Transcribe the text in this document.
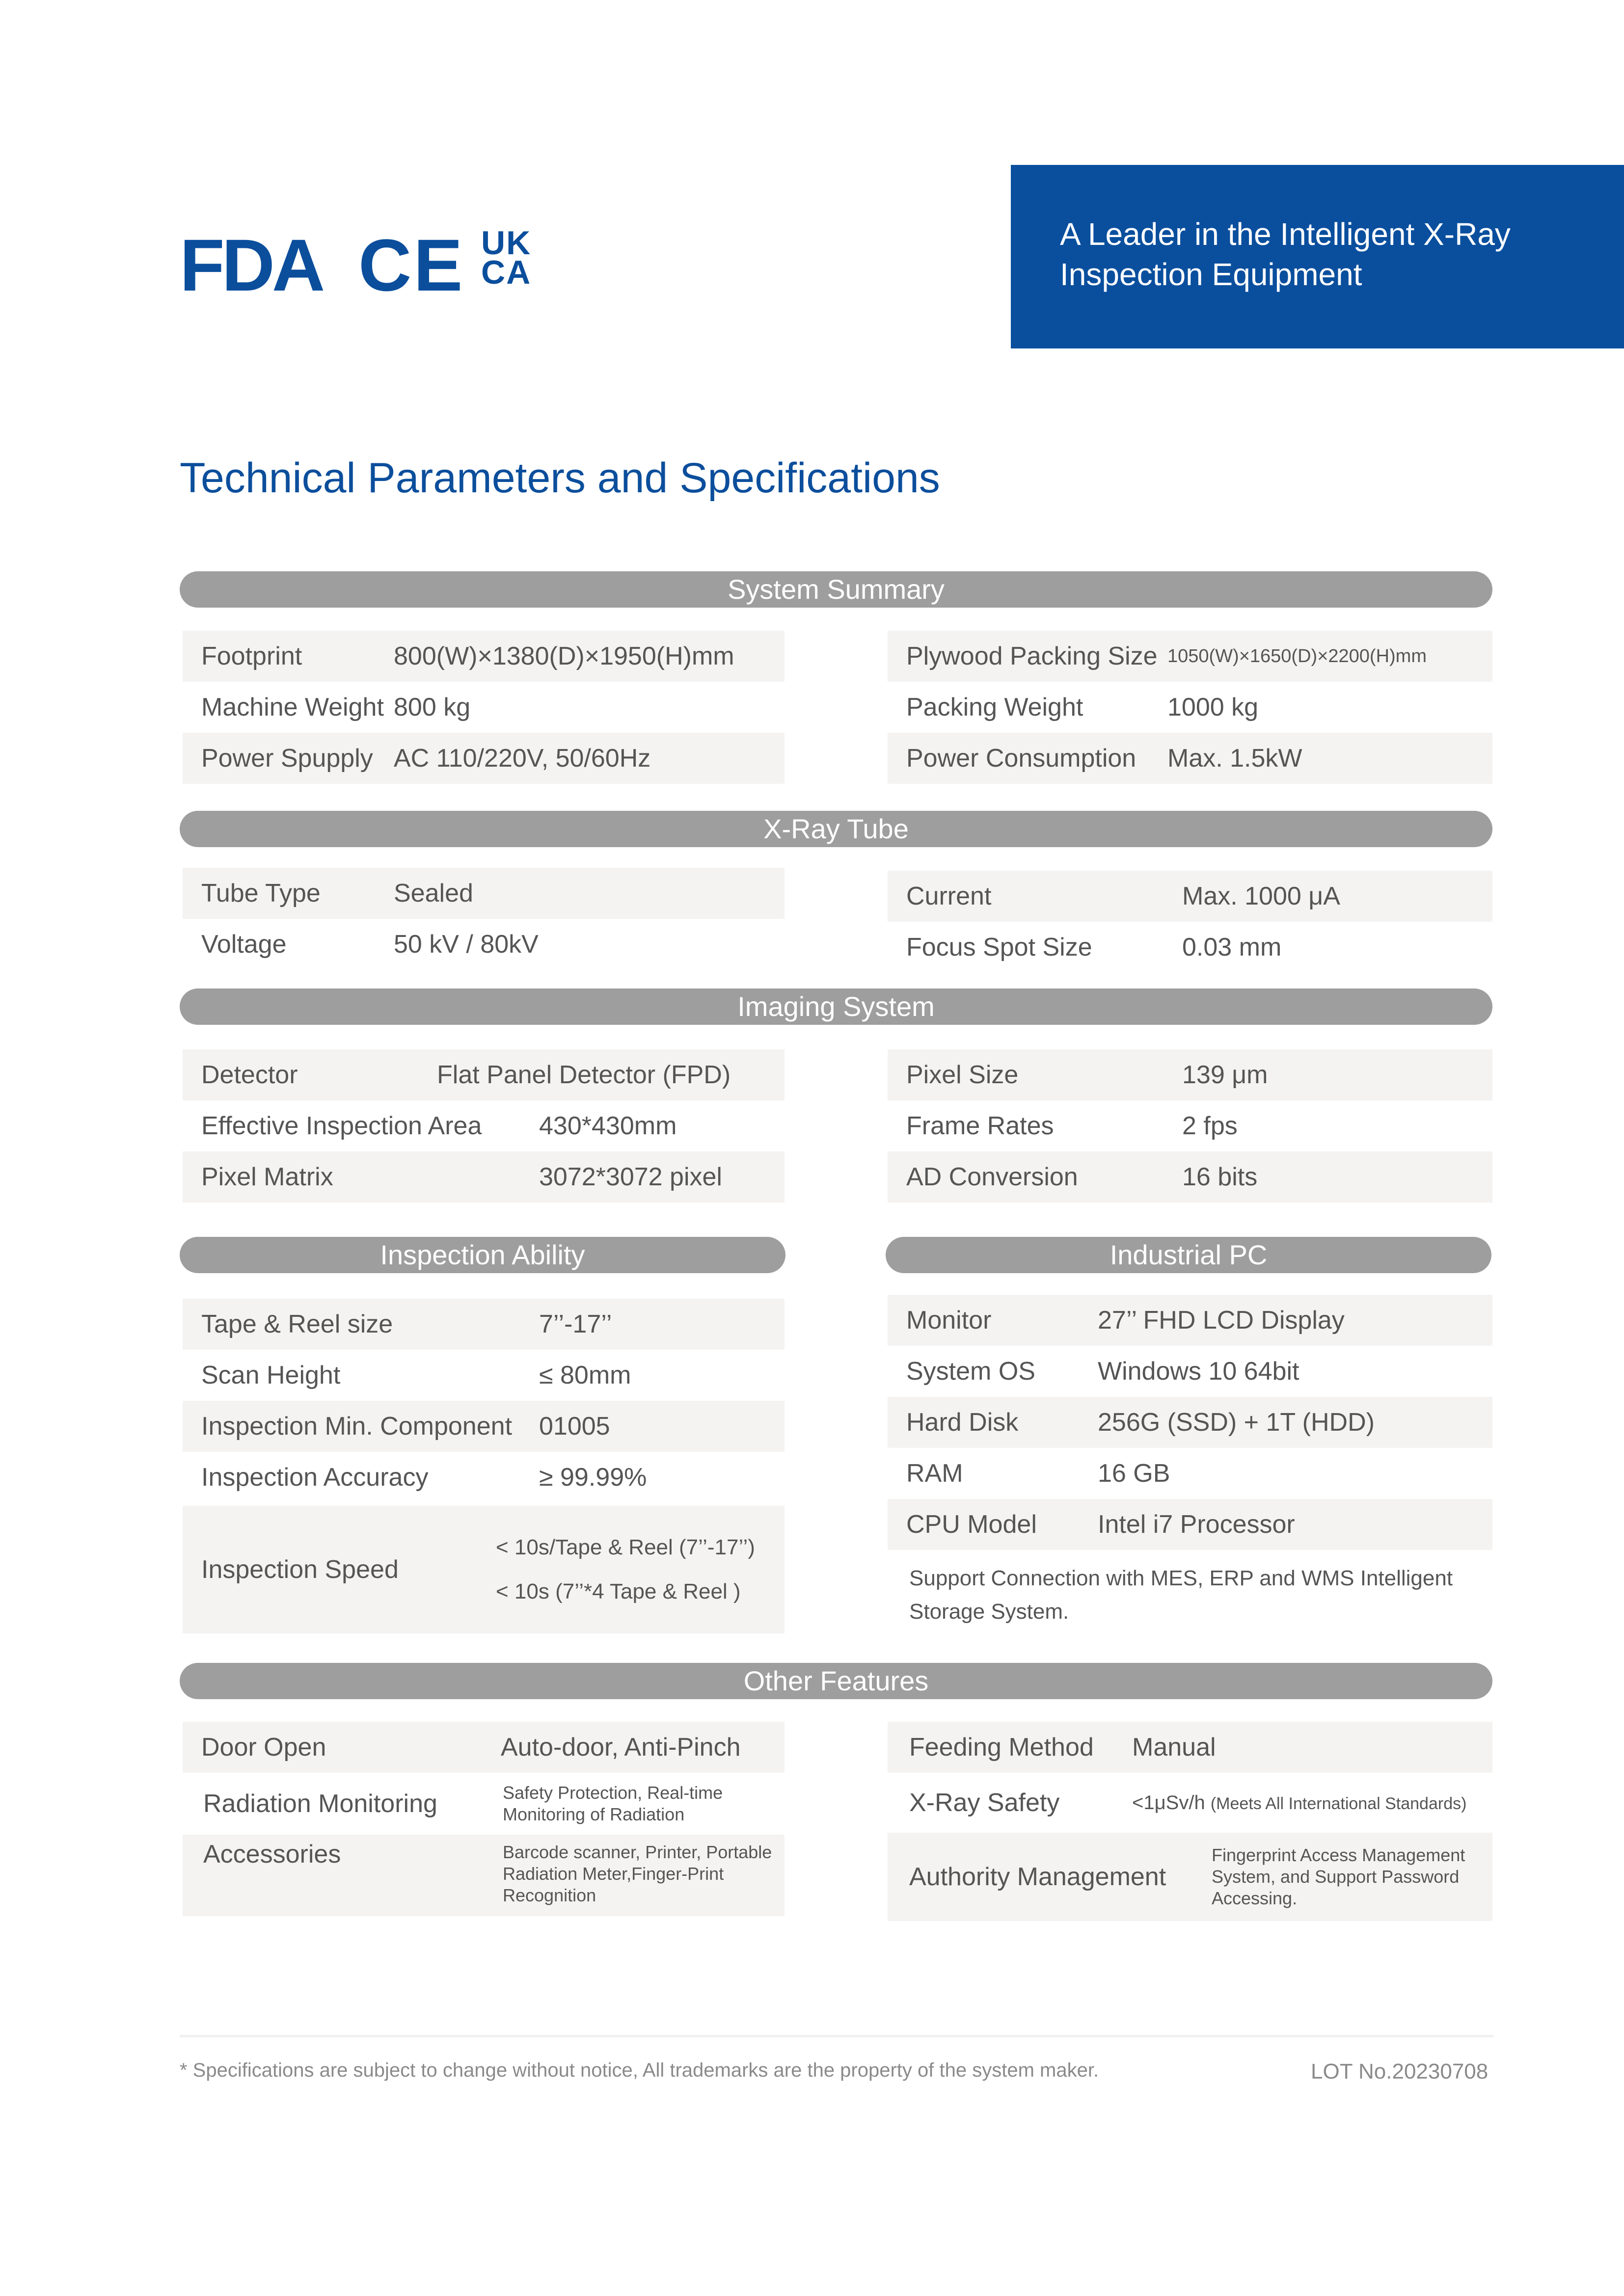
FDA CE UK
CA
A Leader in the Intelligent X-Ray
Inspection Equipment
Technical Parameters and Specifications
System Summary
Footprint	800(W)×1380(D)×1950(H)mm
Machine Weight 800 kg
Power Spupply AC 110/220V, 50/60Hz
Plywood Packing Size 1050(W)×1650(D)×2200(H)mm
Packing Weight	1000 kg
Power Consumption	Max. 1.5kW
X-Ray Tube
Tube Type	Sealed
Voltage	50 kV / 80kV
Current	Max. 1000 μA
Focus Spot Size	0.03 mm
Imaging System
Detector	Flat Panel Detector (FPD)
Effective Inspection Area	430*430mm
Pixel Matrix	3072*3072 pixel
Pixel Size	139 μm
Frame Rates	2 fps
AD Conversion	16 bits
Inspection Ability
Tape & Reel size	7’’-17’’
Scan Height	≤ 80mm
Inspection Min. Component	01005
Inspection Accuracy	≥ 99.99%
Inspection Speed
< 10s/Tape & Reel (7’’-17’’)
< 10s (7’’*4 Tape & Reel )
Industrial PC
Monitor	27’’ FHD LCD Display
System OS	Windows 10 64bit
Hard Disk	256G (SSD) + 1T (HDD)
RAM	16 GB
CPU Model	Intel i7 Processor
Support Connection with MES, ERP and WMS Intelligent
Storage System.
Other Features
Door Open	Auto-door, Anti-Pinch
Radiation Monitoring	Safety Protection, Real-time
Monitoring of Radiation
Accessories	Barcode scanner, Printer, Portable
Radiation Meter,Finger-Print
Recognition
Feeding Method	Manual
X-Ray Safety	<1μSv/h (Meets All International Standards)
Authority Management
Fingerprint Access Management
System, and Support Password
Accessing.
* Specifications are subject to change without notice, All trademarks are the property of the system maker.	LOT No.20230708
